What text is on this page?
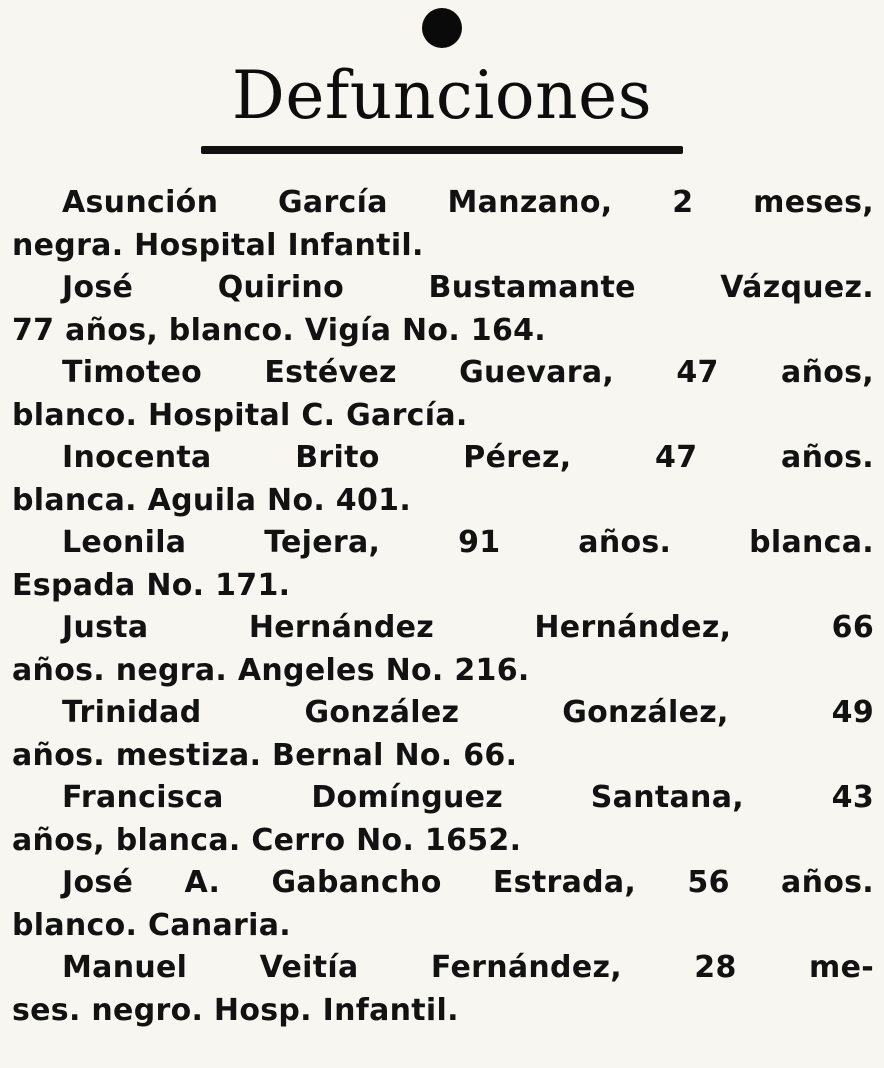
Defunciones
Asunción García Manzano, 2 meses,
negra. Hospital Infantil.
José Quirino Bustamante Vázquez.
77 años, blanco. Vigía No. 164.
Timoteo Estévez Guevara, 47 años,
blanco. Hospital C. García.
Inocenta Brito Pérez, 47 años.
blanca. Aguila No. 401.
Leonila Tejera, 91 años. blanca.
Espada No. 171.
Justa Hernández Hernández, 66
años. negra. Angeles No. 216.
Trinidad González González, 49
años. mestiza. Bernal No. 66.
Francisca Domínguez Santana, 43
años, blanca. Cerro No. 1652.
José A. Gabancho Estrada, 56 años.
blanco. Canaria.
Manuel Veitía Fernández, 28 me-
ses. negro. Hosp. Infantil.
